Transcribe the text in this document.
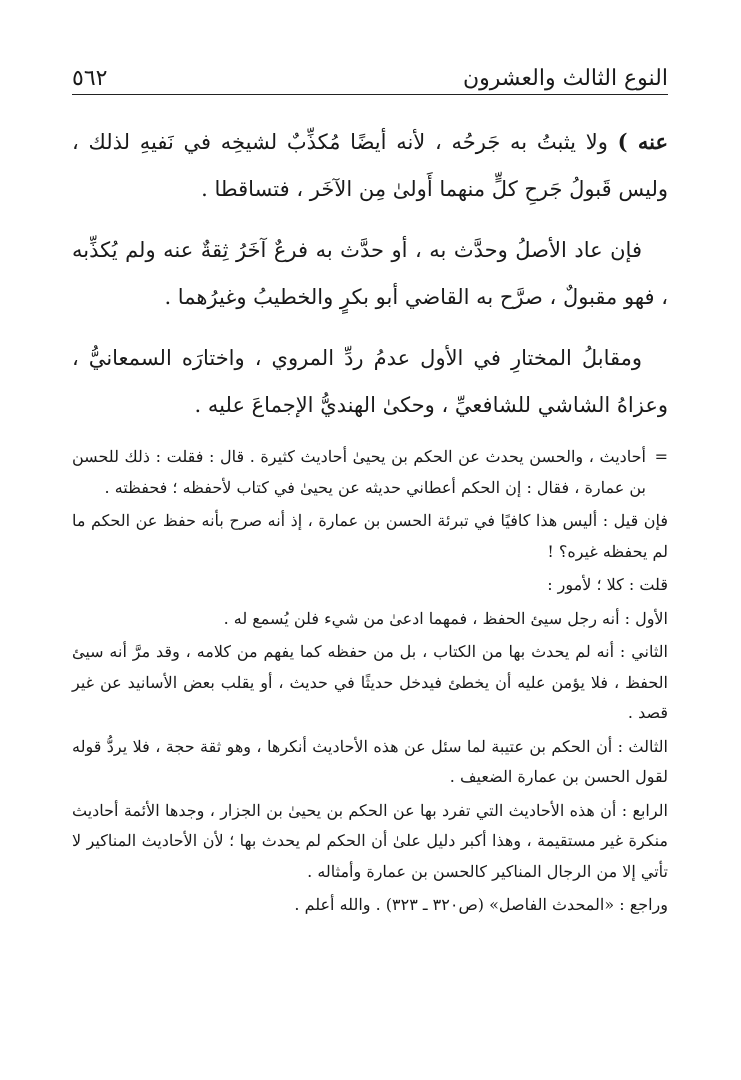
النوع الثالث والعشرون
٥٦٢

عنه ) ولا يثبتُ به جَرحُه ، لأنه أيضًا مُكذِّبٌ لشيخِه في نَفيهِ لذلك ، وليس قَبولُ جَرحِ كلٍّ منهما أَولىٰ مِن الآخَر ، فتساقطا .

فإن عاد الأصلُ وحدَّث به ، أو حدَّث به فرعٌ آخَرُ ثِقةٌ عنه ولم يُكذِّبه ، فهو مقبولٌ ، صرَّح به القاضي أبو بكرٍ والخطيبُ وغيرُهما .

ومقابلُ المختارِ في الأول عدمُ ردِّ المروي ، واختارَه السمعانيُّ ، وعزاهُ الشاشي للشافعيِّ ، وحكىٰ الهنديُّ الإجماعَ عليه .

=
أحاديث ، والحسن يحدث عن الحكم بن يحيىٰ أحاديث كثيرة . قال : فقلت : ذلك للحسن بن عمارة ، فقال : إن الحكم أعطاني حديثه عن يحيىٰ في كتاب لأحفظه ؛ فحفظته .

فإن قيل : أليس هذا كافيًا في تبرئة الحسن بن عمارة ، إذ أنه صرح بأنه حفظ عن الحكم ما لم يحفظه غيره؟ !

قلت : كلا ؛ لأمور :

الأول : أنه رجل سيئ الحفظ ، فمهما ادعىٰ من شيء فلن يُسمع له .

الثاني : أنه لم يحدث بها من الكتاب ، بل من حفظه كما يفهم من كلامه ، وقد مرَّ أنه سيئ الحفظ ، فلا يؤمن عليه أن يخطئ فيدخل حديثًا في حديث ، أو يقلب بعض الأسانيد عن غير قصد .

الثالث : أن الحكم بن عتيبة لما سئل عن هذه الأحاديث أنكرها ، وهو ثقة حجة ، فلا يردُّ قوله لقول الحسن بن عمارة الضعيف .

الرابع : أن هذه الأحاديث التي تفرد بها عن الحكم بن يحيىٰ بن الجزار ، وجدها الأئمة أحاديث منكرة غير مستقيمة ، وهذا أكبر دليل علىٰ أن الحكم لم يحدث بها ؛ لأن الأحاديث المناكير لا تأتي إلا من الرجال المناكير كالحسن بن عمارة وأمثاله .

وراجع : «المحدث الفاصل» (ص٣٢٠ ـ ٣٢٣) . والله أعلم .
